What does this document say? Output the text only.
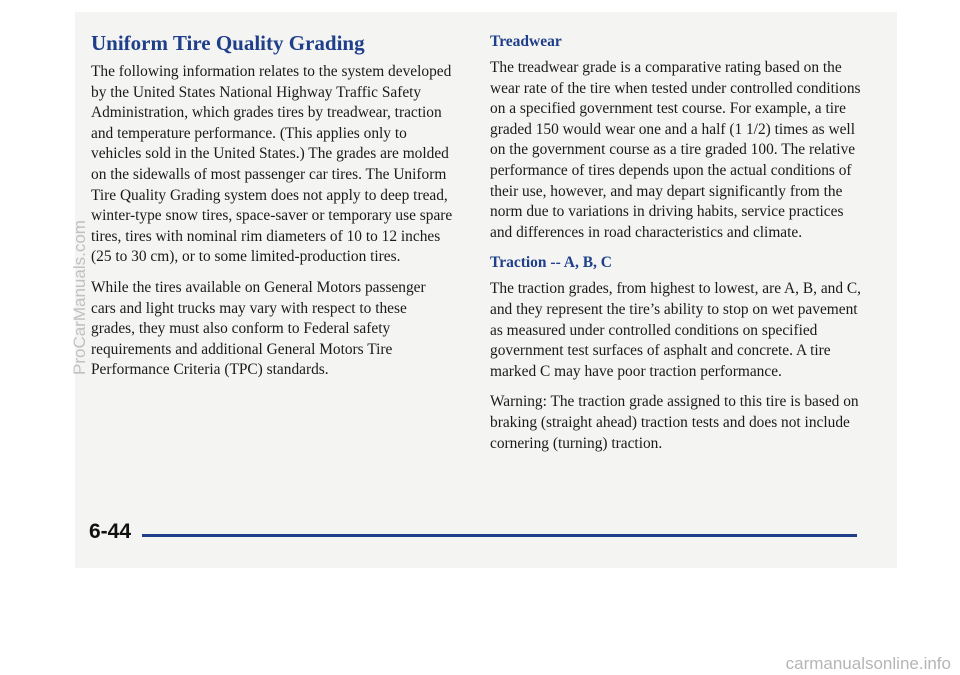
Uniform Tire Quality Grading

The following information relates to the system developed by the United States National Highway Traffic Safety Administration, which grades tires by treadwear, traction and temperature performance. (This applies only to vehicles sold in the United States.) The grades are molded on the sidewalls of most passenger car tires. The Uniform Tire Quality Grading system does not apply to deep tread, winter-type snow tires, space-saver or temporary use spare tires, tires with nominal rim diameters of 10 to 12 inches (25 to 30 cm), or to some limited-production tires.

While the tires available on General Motors passenger cars and light trucks may vary with respect to these grades, they must also conform to Federal safety requirements and additional General Motors Tire Performance Criteria (TPC) standards.

Treadwear

The treadwear grade is a comparative rating based on the wear rate of the tire when tested under controlled conditions on a specified government test course. For example, a tire graded 150 would wear one and a half (1 1/2) times as well on the government course as a tire graded 100. The relative performance of tires depends upon the actual conditions of their use, however, and may depart significantly from the norm due to variations in driving habits, service practices and differences in road characteristics and climate.

Traction -- A, B, C

The traction grades, from highest to lowest, are A, B, and C, and they represent the tire’s ability to stop on wet pavement as measured under controlled conditions on specified government test surfaces of asphalt and concrete. A tire marked C may have poor traction performance.

Warning: The traction grade assigned to this tire is based on braking (straight ahead) traction tests and does not include cornering (turning) traction.

6-44
ProCarManuals.com
carmanualsonline.info
